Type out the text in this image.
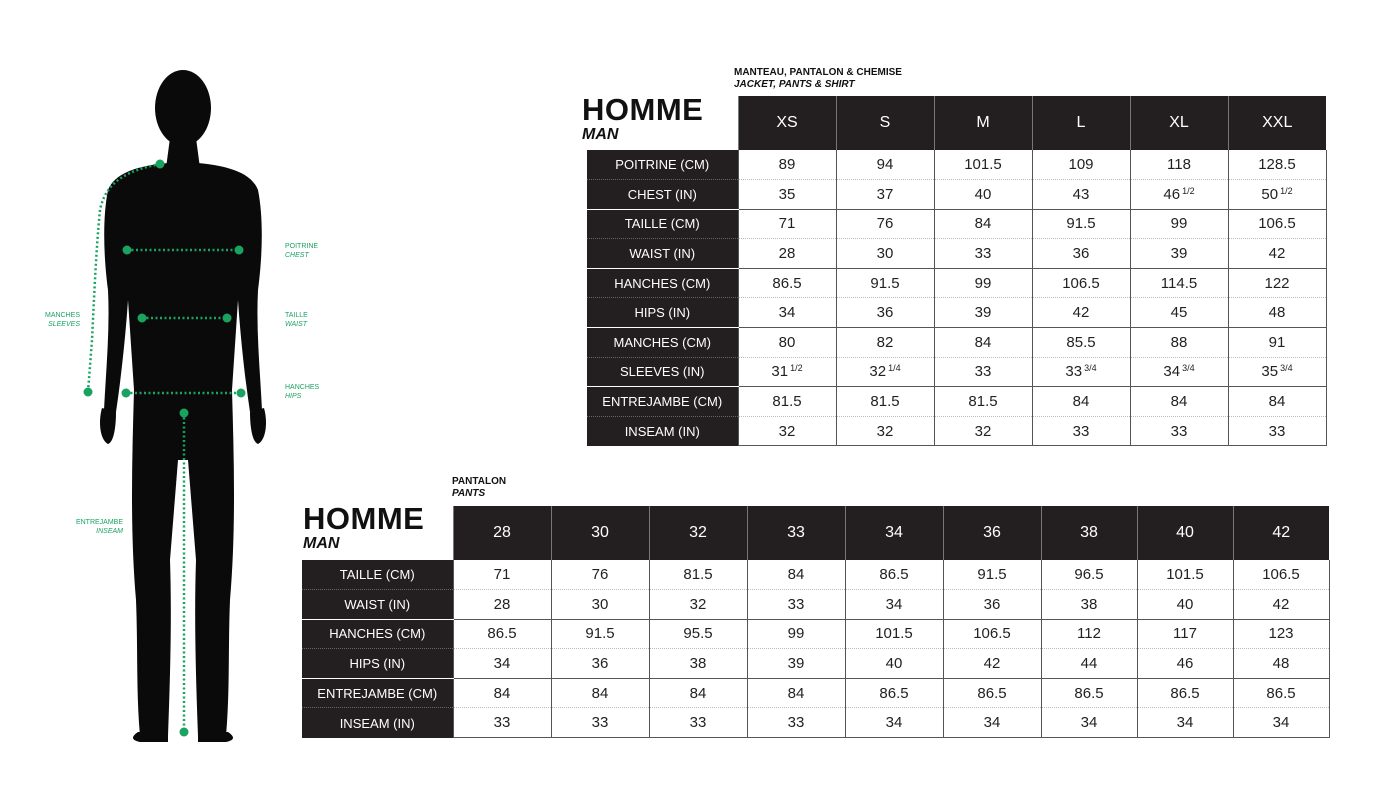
POITRINE
CHEST
MANCHES
SLEEVES
TAILLE
WAIST
HANCHES
HIPS
ENTREJAMBE
INSEAM
MANTEAU, PANTALON & CHEMISE
JACKET, PANTS & SHIRT
HOMME
MAN
	XS	S	M	L	XL	XXL
POITRINE (CM)	89	94	101.5	109	118	128.5
CHEST (IN)	35	37	40	43	46 $^{1/2}$	50 $^{1/2}$
TAILLE (CM)	71	76	84	91.5	99	106.5
WAIST (IN)	28	30	33	36	39	42
HANCHES (CM)	86.5	91.5	99	106.5	114.5	122
HIPS (IN)	34	36	39	42	45	48
MANCHES (CM)	80	82	84	85.5	88	91
SLEEVES (IN)	31 $^{1/2}$	32 $^{1/4}$	33	33 $^{3/4}$	34 $^{3/4}$	35 $^{3/4}$
ENTREJAMBE (CM)	81.5	81.5	81.5	84	84	84
INSEAM (IN)	32	32	32	33	33	33
PANTALON
PANTS
HOMME
MAN
	28	30	32	33	34	36	38	40	42
TAILLE (CM)	71	76	81.5	84	86.5	91.5	96.5	101.5	106.5
WAIST (IN)	28	30	32	33	34	36	38	40	42
HANCHES (CM)	86.5	91.5	95.5	99	101.5	106.5	112	117	123
HIPS (IN)	34	36	38	39	40	42	44	46	48
ENTREJAMBE (CM)	84	84	84	84	86.5	86.5	86.5	86.5	86.5
INSEAM (IN)	33	33	33	33	34	34	34	34	34
